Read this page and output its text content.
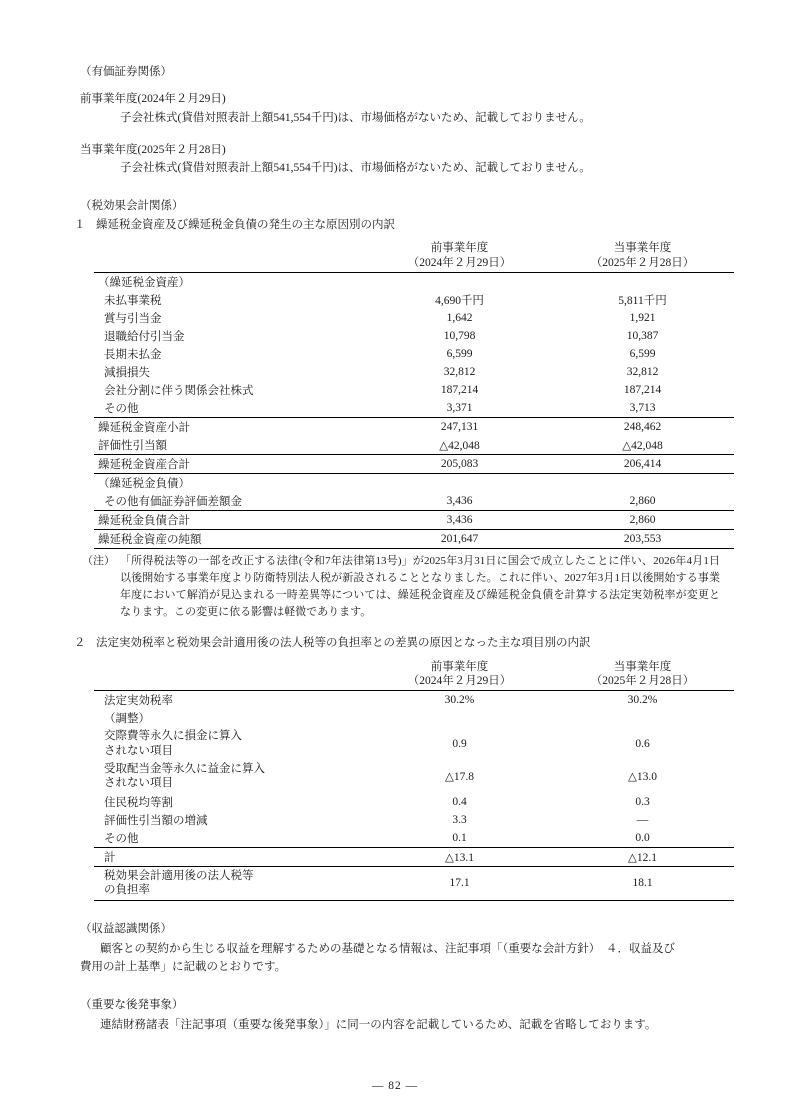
（有価証券関係）
前事業年度(2024年２月29日)
子会社株式(貸借対照表計上額541,554千円)は、市場価格がないため、記載しておりません。
当事業年度(2025年２月28日)
子会社株式(貸借対照表計上額541,554千円)は、市場価格がないため、記載しておりません。
（税効果会計関係）
１ 繰延税金資産及び繰延税金負債の発生の主な原因別の内訳

	前事業年度
（2024年２月29日）	当事業年度
（2025年２月28日）

（繰延税金資産）		
未払事業税	4,690千円	5,811千円
賞与引当金	1,642	1,921
退職給付引当金	10,798	10,387
長期未払金	6,599	6,599
減損損失	32,812	32,812
会社分割に伴う関係会社株式	187,214	187,214
その他	3,371	3,713
繰延税金資産小計	247,131	248,462
評価性引当額	△42,048	△42,048
繰延税金資産合計	205,083	206,414
（繰延税金負債）		
その他有価証券評価差額金	3,436	2,860
繰延税金負債合計	3,436	2,860
繰延税金資産の純額	201,647	203,553
（注） 「所得税法等の一部を改正する法律(令和7年法律第13号)」が2025年3月31日に国会で成立したことに伴い、2026年4月1日以後開始する事業年度より防衛特別法人税が新設されることとなりました。これに伴い、2027年3月1日以後開始する事業年度において解消が見込まれる一時差異等については、繰延税金資産及び繰延税金負債を計算する法定実効税率が変更となります。この変更に依る影響は軽微であります。
２ 法定実効税率と税効果会計適用後の法人税等の負担率との差異の原因となった主な項目別の内訳

	前事業年度
（2024年２月29日）	当事業年度
（2025年２月28日）

法定実効税率	30.2%	30.2%
（調整）		

交際費等永久に損金に算入
されない項目	0.9	0.6

受取配当金等永久に益金に算入
されない項目	△17.8	△13.0
住民税均等割	0.4	0.3
評価性引当額の増減	3.3	—
その他	0.1	0.0
計	△13.1	△12.1

税効果会計適用後の法人税等
の負担率	17.1	18.1
（収益認識関係）
顧客との契約から生じる収益を理解するための基礎となる情報は、注記事項「（重要な会計方針）　４．収益及び
費用の計上基準」に記載のとおりです。
（重要な後発事象）
連結財務諸表「注記事項（重要な後発事象）」に同一の内容を記載しているため、記載を省略しております。
― 82 ―
